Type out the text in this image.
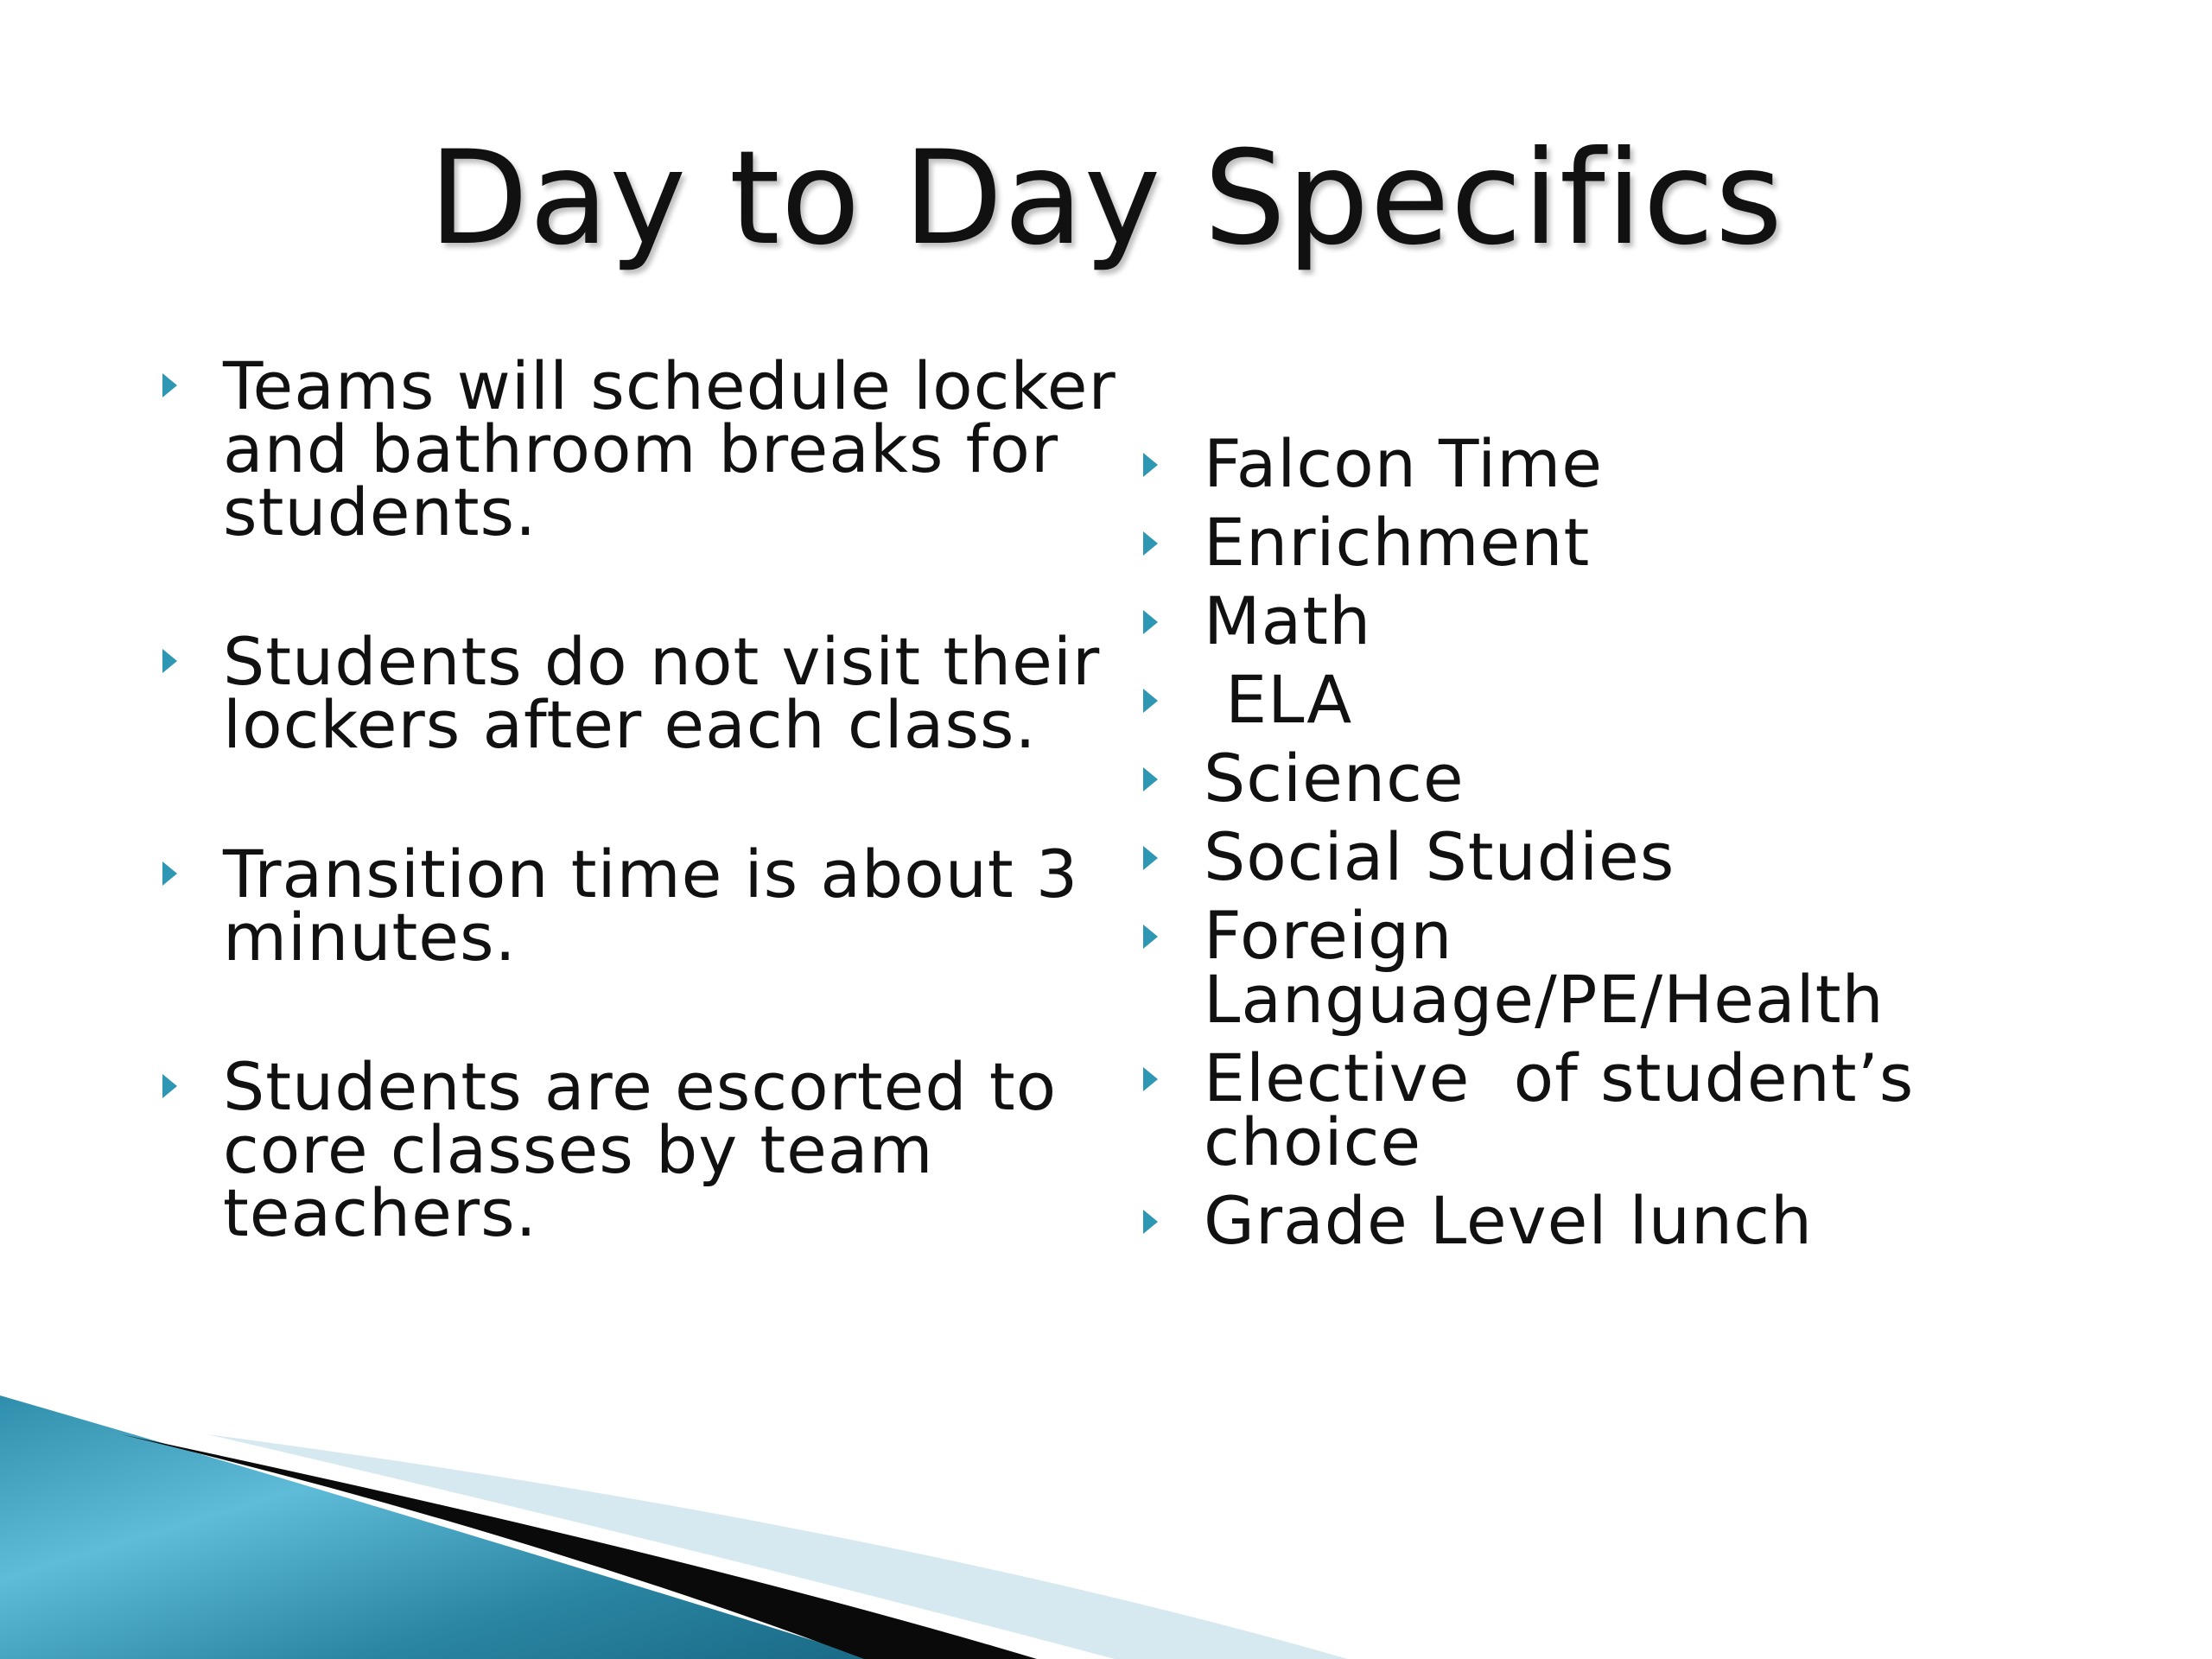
Day to Day Specifics
Teams will schedule locker
and bathroom breaks for
students.
Students do not visit their
lockers after each class.
Transition time is about 3
minutes.
Students are escorted to
core classes by team
teachers.
Falcon Time
Enrichment
Math
ELA
Science
Social Studies
Foreign
Language/PE/Health
Elective  of student’s
choice
Grade Level lunch
